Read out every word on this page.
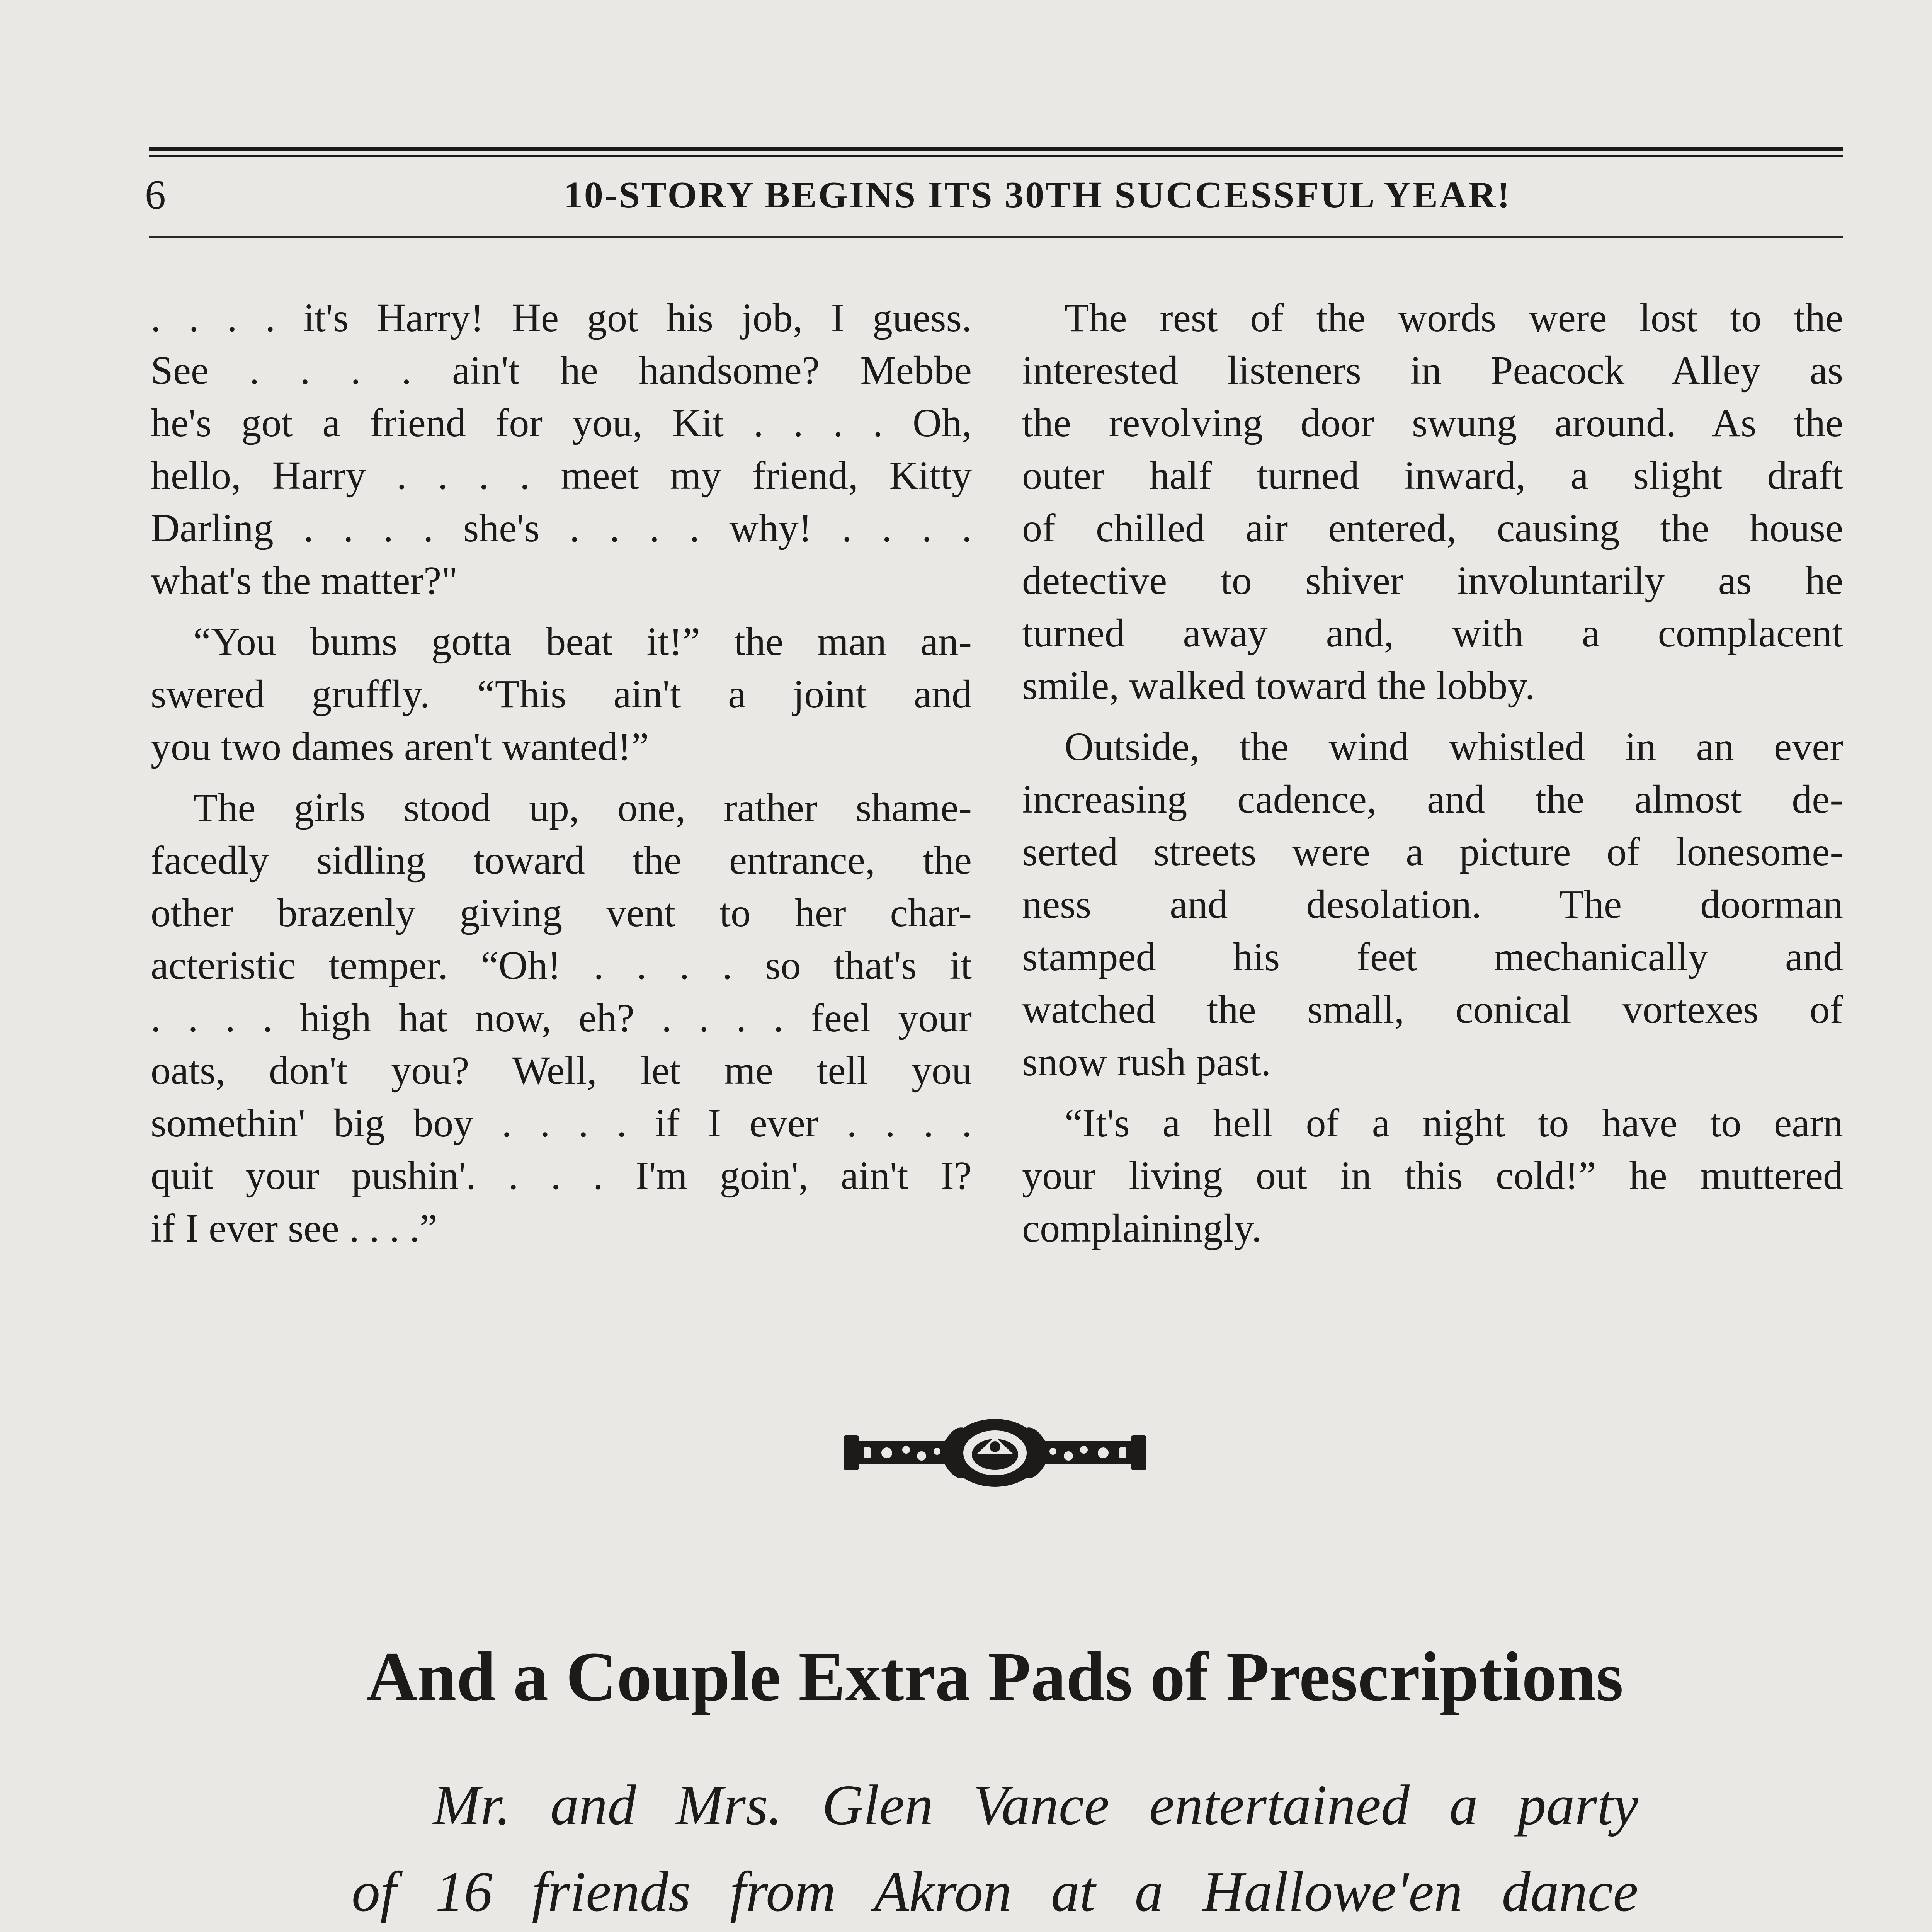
6	10-STORY BEGINS ITS 30TH SUCCESSFUL YEAR!

. . . . it's Harry! He got his job, I guess.
See . . . . ain't he handsome? Mebbe
he's got a friend for you, Kit . . . . Oh,
hello, Harry . . . . meet my friend, Kitty
Darling . . . . she's . . . . why! . . . .
what's the matter?"

“You bums gotta beat it!” the man an-
swered gruffly. “This ain't a joint and
you two dames aren't wanted!”

The girls stood up, one, rather shame-
facedly sidling toward the entrance, the
other brazenly giving vent to her char-
acteristic temper. “Oh! . . . . so that's it
. . . . high hat now, eh? . . . . feel your
oats, don't you? Well, let me tell you
somethin' big boy . . . . if I ever . . . .
quit your pushin'. . . . I'm goin', ain't I?
if I ever see . . . .”

The rest of the words were lost to the
interested listeners in Peacock Alley as
the revolving door swung around. As the
outer half turned inward, a slight draft
of chilled air entered, causing the house
detective to shiver involuntarily as he
turned away and, with a complacent
smile, walked toward the lobby.

Outside, the wind whistled in an ever
increasing cadence, and the almost de-
serted streets were a picture of lonesome-
ness and desolation. The doorman
stamped his feet mechanically and
watched the small, conical vortexes of
snow rush past.

“It's a hell of a night to have to earn
your living out in this cold!” he muttered
complainingly.

And a Couple Extra Pads of Prescriptions

Mr. and Mrs. Glen Vance entertained a party
of 16 friends from Akron at a Hallowe'en dance
